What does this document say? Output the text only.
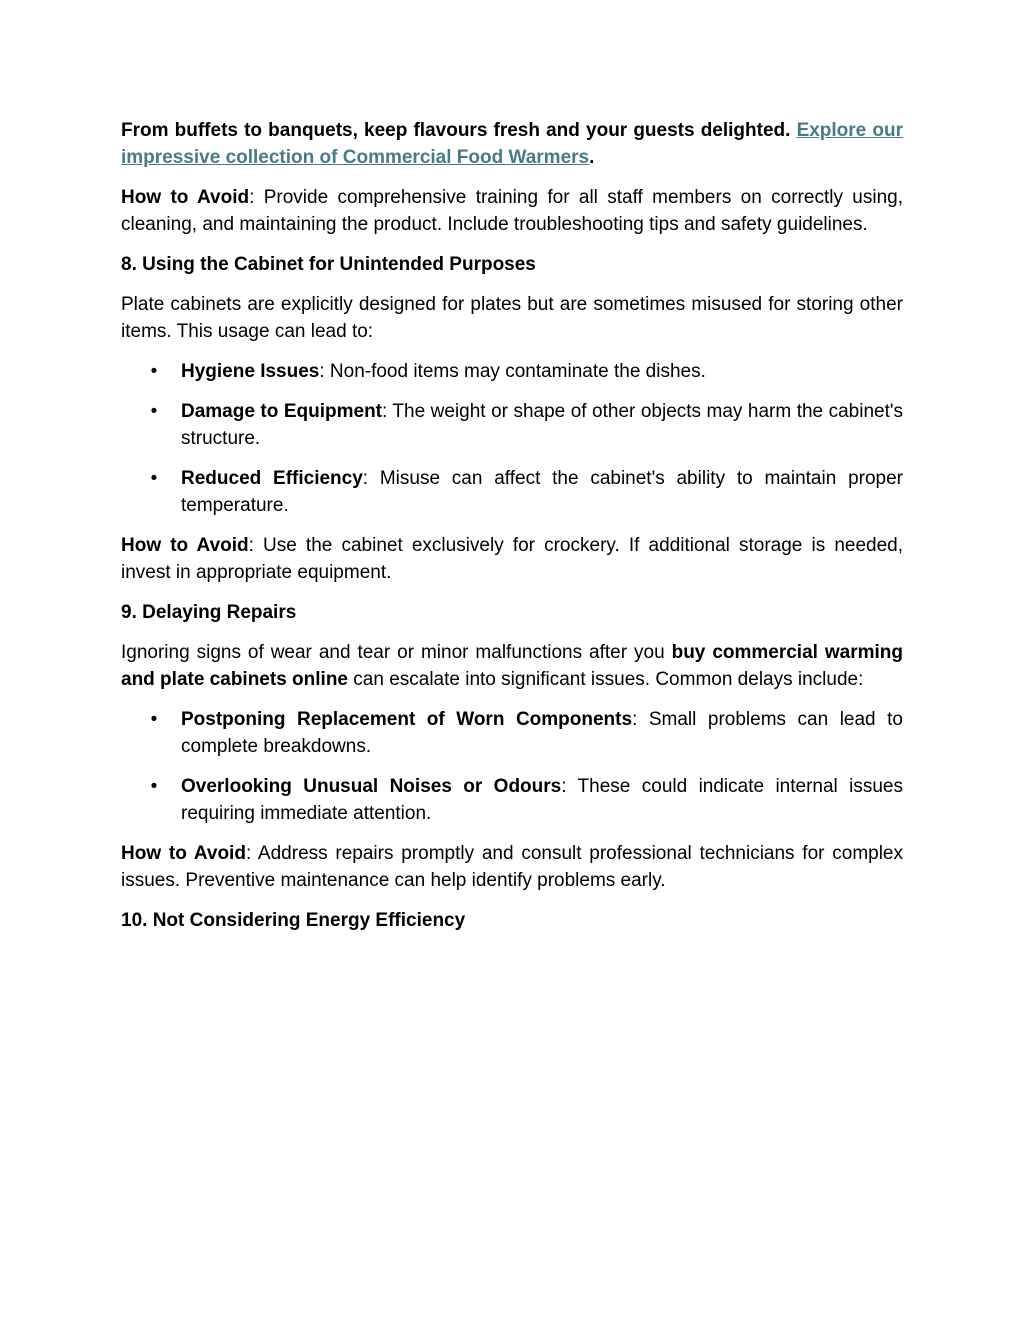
From buffets to banquets, keep flavours fresh and your guests delighted. Explore our impressive collection of Commercial Food Warmers.

How to Avoid: Provide comprehensive training for all staff members on correctly using, cleaning, and maintaining the product. Include troubleshooting tips and safety guidelines.

8. Using the Cabinet for Unintended Purposes

Plate cabinets are explicitly designed for plates but are sometimes misused for storing other items. This usage can lead to:

• Hygiene Issues: Non-food items may contaminate the dishes.
• Damage to Equipment: The weight or shape of other objects may harm the cabinet's structure.
• Reduced Efficiency: Misuse can affect the cabinet's ability to maintain proper temperature.

How to Avoid: Use the cabinet exclusively for crockery. If additional storage is needed, invest in appropriate equipment.

9. Delaying Repairs

Ignoring signs of wear and tear or minor malfunctions after you buy commercial warming and plate cabinets online can escalate into significant issues. Common delays include:

• Postponing Replacement of Worn Components: Small problems can lead to complete breakdowns.
• Overlooking Unusual Noises or Odours: These could indicate internal issues requiring immediate attention.

How to Avoid: Address repairs promptly and consult professional technicians for complex issues. Preventive maintenance can help identify problems early.

10. Not Considering Energy Efficiency
